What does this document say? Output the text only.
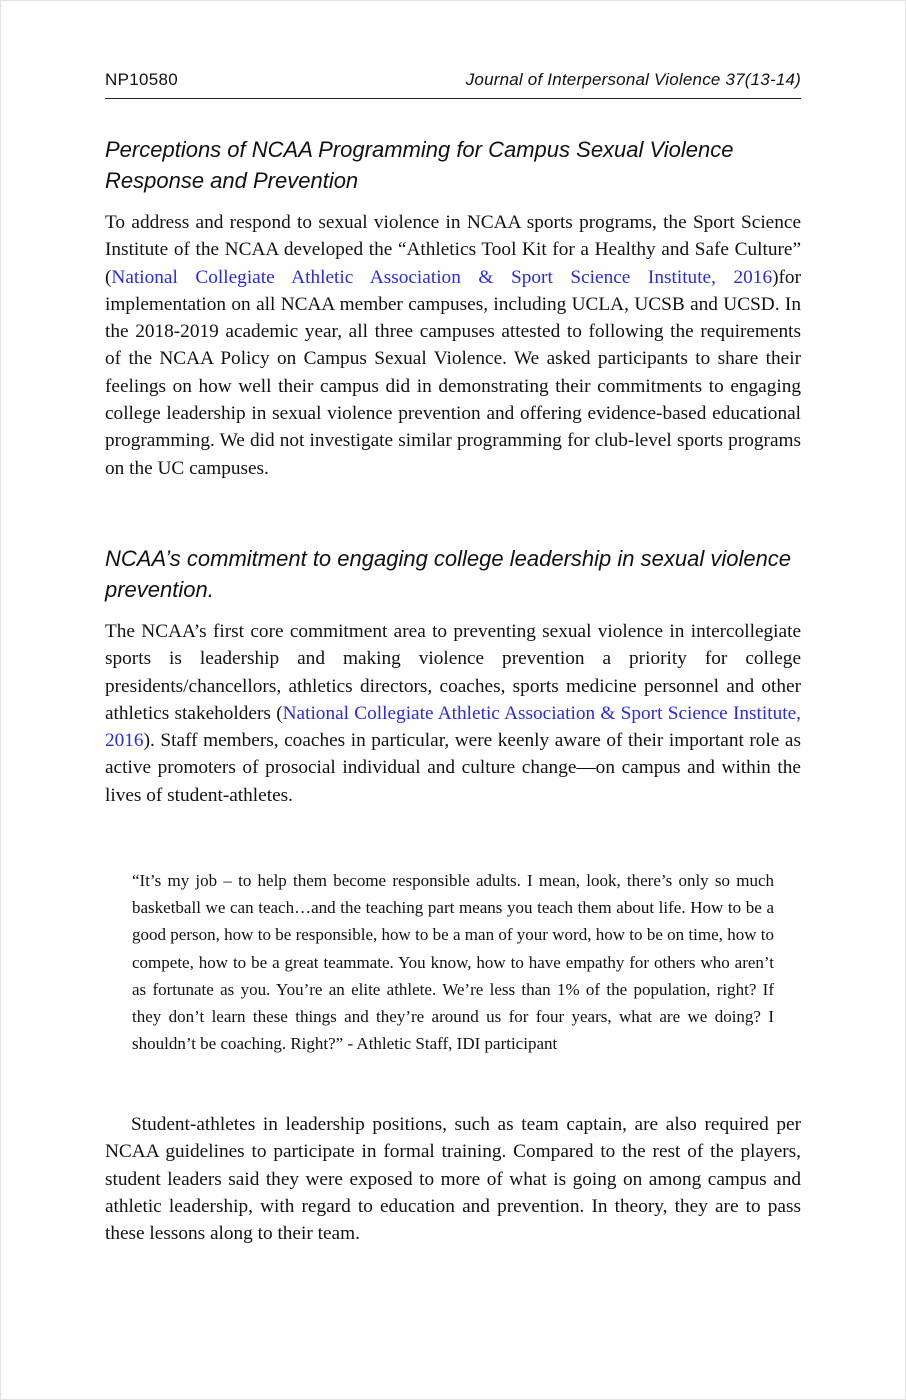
NP10580	Journal of Interpersonal Violence 37(13-14)
Perceptions of NCAA Programming for Campus Sexual Violence Response and Prevention

To address and respond to sexual violence in NCAA sports programs, the Sport Science Institute of the NCAA developed the “Athletics Tool Kit for a Healthy and Safe Culture” (National Collegiate Athletic Association & Sport Science Institute, 2016)for implementation on all NCAA member campuses, including UCLA, UCSB and UCSD. In the 2018-2019 academic year, all three campuses attested to following the requirements of the NCAA Policy on Campus Sexual Violence. We asked participants to share their feelings on how well their campus did in demonstrating their commitments to engaging college leadership in sexual violence prevention and offering evidence-based educational programming. We did not investigate similar programming for club-level sports programs on the UC campuses.

NCAA’s commitment to engaging college leadership in sexual violence prevention.

The NCAA’s first core commitment area to preventing sexual violence in intercollegiate sports is leadership and making violence prevention a priority for college presidents/chancellors, athletics directors, coaches, sports medicine personnel and other athletics stakeholders (National Collegiate Athletic Association & Sport Science Institute, 2016). Staff members, coaches in particular, were keenly aware of their important role as active promoters of prosocial individual and culture change—on campus and within the lives of student-athletes.

“It’s my job – to help them become responsible adults. I mean, look, there’s only so much basketball we can teach…and the teaching part means you teach them about life. How to be a good person, how to be responsible, how to be a man of your word, how to be on time, how to compete, how to be a great teammate. You know, how to have empathy for others who aren’t as fortunate as you. You’re an elite athlete. We’re less than 1% of the population, right? If they don’t learn these things and they’re around us for four years, what are we doing? I shouldn’t be coaching. Right?” - Athletic Staff, IDI participant

Student-athletes in leadership positions, such as team captain, are also required per NCAA guidelines to participate in formal training. Compared to the rest of the players, student leaders said they were exposed to more of what is going on among campus and athletic leadership, with regard to education and prevention. In theory, they are to pass these lessons along to their team.
